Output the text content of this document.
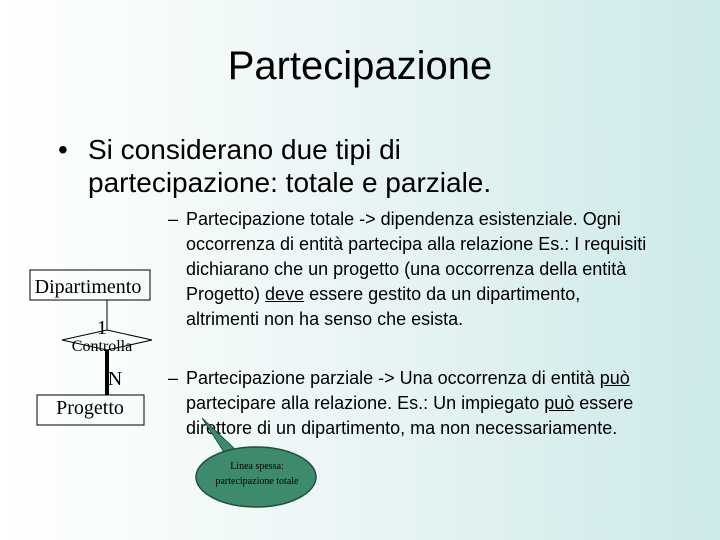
Partecipazione
• Si considerano due tipi di partecipazione: totale e parziale.
– Partecipazione totale -> dipendenza esistenziale. Ogni occorrenza di entità partecipa alla relazione Es.: I requisiti dichiarano che un progetto (una occorrenza della entità Progetto) deve essere gestito da un dipartimento, altrimenti non ha senso che esista.
– Partecipazione parziale -> Una occorrenza di entità può partecipare alla relazione. Es.: Un impiegato può essere direttore di un dipartimento, ma non necessariamente.
Dipartimento
Controlla
1
N
Progetto
Linea spessa: partecipazione totale
